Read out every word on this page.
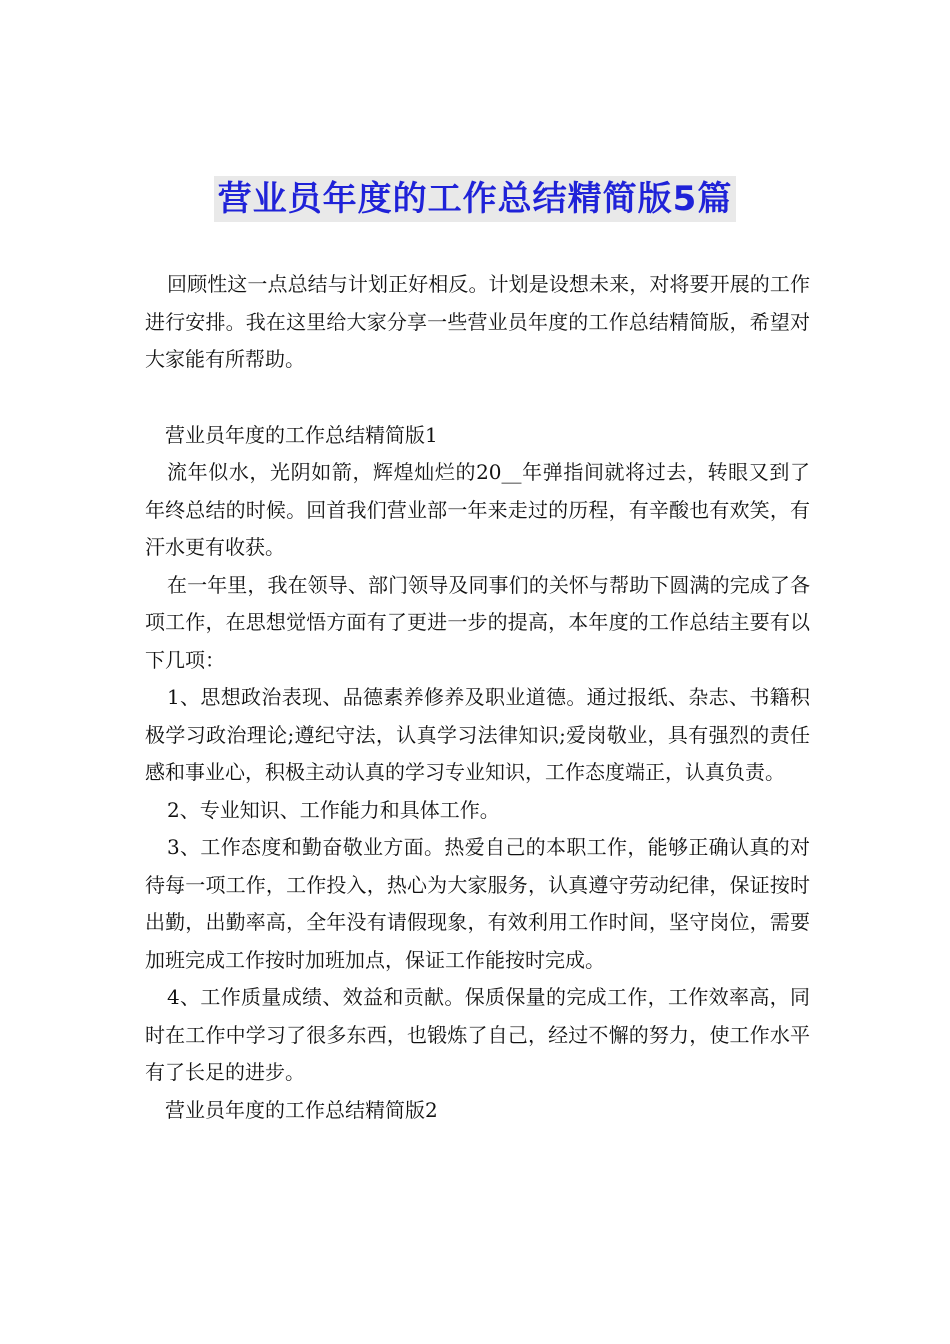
营业员年度的工作总结精简版5篇

回顾性这一点总结与计划正好相反。计划是设想未来，对将要开展的工作进行安排。我在这里给大家分享一些营业员年度的工作总结精简版，希望对大家能有所帮助。

营业员年度的工作总结精简版1

流年似水，光阴如箭，辉煌灿烂的20__年弹指间就将过去，转眼又到了年终总结的时候。回首我们营业部一年来走过的历程，有辛酸也有欢笑，有汗水更有收获。

在一年里，我在领导、部门领导及同事们的关怀与帮助下圆满的完成了各项工作，在思想觉悟方面有了更进一步的提高，本年度的工作总结主要有以下几项：

1、思想政治表现、品德素养修养及职业道德。通过报纸、杂志、书籍积极学习政治理论;遵纪守法，认真学习法律知识;爱岗敬业，具有强烈的责任感和事业心，积极主动认真的学习专业知识，工作态度端正，认真负责。

2、专业知识、工作能力和具体工作。

3、工作态度和勤奋敬业方面。热爱自己的本职工作，能够正确认真的对待每一项工作，工作投入，热心为大家服务，认真遵守劳动纪律，保证按时出勤，出勤率高，全年没有请假现象，有效利用工作时间，坚守岗位，需要加班完成工作按时加班加点，保证工作能按时完成。

4、工作质量成绩、效益和贡献。保质保量的完成工作，工作效率高，同时在工作中学习了很多东西，也锻炼了自己，经过不懈的努力，使工作水平有了长足的进步。

营业员年度的工作总结精简版2
